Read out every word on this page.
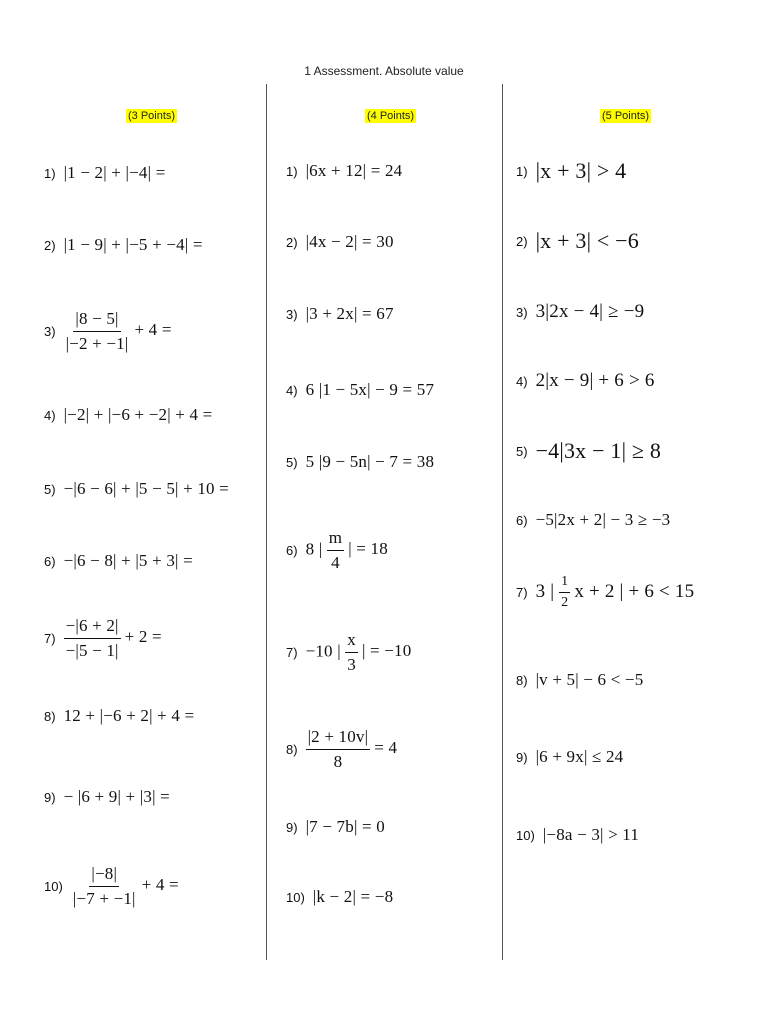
1 Assessment. Absolute value
(3 Points)	(4 Points)	(5 Points)
1) |1 − 2| + |−4| =
2) |1 − 9| + |−5 + −4| =
$3) \frac{|8 - 5|}{|-2 + -1|} + 4$ =
4) |−2| + |−6 + −2| + 4 =
5) −|6 − 6| + |5 − 5| + 10 =
6) −|6 − 8| + |5 + 3| =
$7) \frac{-|6 + 2|}{-|5 - 1|} + 2$ =
8) 12 + |−6 + 2| + 4 =
9) − |6 + 9| + |3| =
$10) \frac{|-8|}{|-7 + -1|} + 4$ =
1) |6x + 12| = 24
2) |4x − 2| = 30
3) |3 + 2x| = 67
4) 6 |1 − 5x| − 9 = 57
5) 5 |9 − 5n| − 7 = 38
6) 8 | $\frac{m}{4}$ | = 18
7) −10 | $\frac{x}{3}$ | = −10
$8) \frac{|2 + 10v|}{8} = 4$
9) |7 − 7b| = 0
10) |k − 2| = −8
1) |x + 3| > 4
2) |x + 3| < −6
3) 3|2x − 4| ≥ −9
4) 2|x − 9| + 6 > 6
5) −4|3x − 1| ≥ 8
6) −5|2x + 2| − 3 ≥ −3
7) 3 | $\frac{1}{2}$ x + 2 | + 6 < 15
8) |v + 5| − 6 < −5
9) |6 + 9x| ≤ 24
10) |−8a − 3| > 11
